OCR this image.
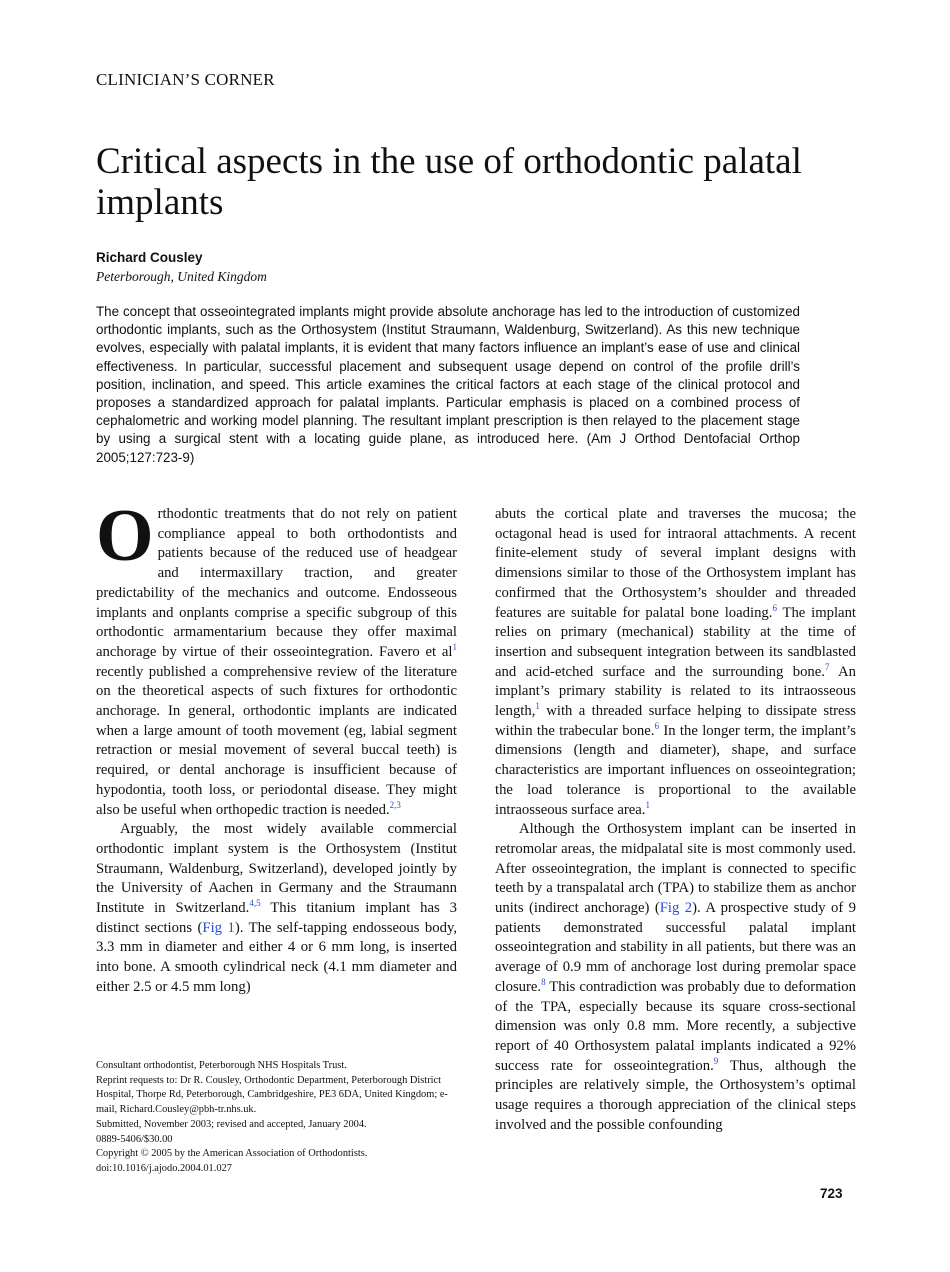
CLINICIAN’S CORNER
Critical aspects in the use of orthodontic palatal implants
Richard Cousley
Peterborough, United Kingdom

The concept that osseointegrated implants might provide absolute anchorage has led to the introduction of customized orthodontic implants, such as the Orthosystem (Institut Straumann, Waldenburg, Switzerland). As this new technique evolves, especially with palatal implants, it is evident that many factors influence an implant’s ease of use and clinical effectiveness. In particular, successful placement and subsequent usage depend on control of the profile drill’s position, inclination, and speed. This article examines the critical factors at each stage of the clinical protocol and proposes a standardized approach for palatal implants. Particular emphasis is placed on a combined process of cephalometric and working model planning. The resultant implant prescription is then relayed to the placement stage by using a surgical stent with a locating guide plane, as introduced here. (Am J Orthod Dentofacial Orthop 2005;127:723-9)

Orthodontic treatments that do not rely on patient compliance appeal to both orthodontists and patients because of the reduced use of headgear and intermaxillary traction, and greater predictability of the mechanics and outcome. Endosseous implants and onplants comprise a specific subgroup of this orthodontic armamentarium because they offer maximal anchorage by virtue of their osseointegration. Favero et $al^1$ recently published a comprehensive review of the literature on the theoretical aspects of such fixtures for orthodontic anchorage. In general, orthodontic implants are indicated when a large amount of tooth movement (eg, labial segment retraction or mesial movement of several buccal teeth) is required, or dental anchorage is insufficient because of hypodontia, tooth loss, or periodontal disease. They might also be useful when orthopedic traction is needed.$^{2,3}$

Arguably, the most widely available commercial orthodontic implant system is the Orthosystem (Institut Straumann, Waldenburg, Switzerland), developed jointly by the University of Aachen in Germany and the Straumann Institute in Switzerland.$^{4,5}$ This titanium implant has 3 distinct sections (Fig 1). The self-tapping endosseous body, 3.3 mm in diameter and either 4 or 6 mm long, is inserted into bone. A smooth cylindrical neck (4.1 mm diameter and either 2.5 or 4.5 mm long)

abuts the cortical plate and traverses the mucosa; the octagonal head is used for intraoral attachments. A recent finite-element study of several implant designs with dimensions similar to those of the Orthosystem implant has confirmed that the Orthosystem’s shoulder and threaded features are suitable for palatal bone loading.$^6$ The implant relies on primary (mechanical) stability at the time of insertion and subsequent integration between its sandblasted and acid-etched surface and the surrounding bone.$^7$ An implant’s primary stability is related to its intraosseous length,$^1$ with a threaded surface helping to dissipate stress within the trabecular bone.$^6$ In the longer term, the implant’s dimensions (length and diameter), shape, and surface characteristics are important influences on osseointegration; the load tolerance is proportional to the available intraosseous surface area.$^1$

Although the Orthosystem implant can be inserted in retromolar areas, the midpalatal site is most commonly used. After osseointegration, the implant is connected to specific teeth by a transpalatal arch (TPA) to stabilize them as anchor units (indirect anchorage) (Fig 2). A prospective study of 9 patients demonstrated successful palatal implant osseointegration and stability in all patients, but there was an average of 0.9 mm of anchorage lost during premolar space closure.$^8$ This contradiction was probably due to deformation of the TPA, especially because its square cross-sectional dimension was only 0.8 mm. More recently, a subjective report of 40 Orthosystem palatal implants indicated a 92% success rate for osseointegration.$^9$ Thus, although the principles are relatively simple, the Orthosystem’s optimal usage requires a thorough appreciation of the clinical steps involved and the possible confounding

Consultant orthodontist, Peterborough NHS Hospitals Trust.
Reprint requests to: Dr R. Cousley, Orthodontic Department, Peterborough District Hospital, Thorpe Rd, Peterborough, Cambridgeshire, PE3 6DA, United Kingdom; e-mail, Richard.Cousley@pbh-tr.nhs.uk.
Submitted, November 2003; revised and accepted, January 2004.
0889-5406/$30.00
Copyright © 2005 by the American Association of Orthodontists.
doi:10.1016/j.ajodo.2004.01.027
723
